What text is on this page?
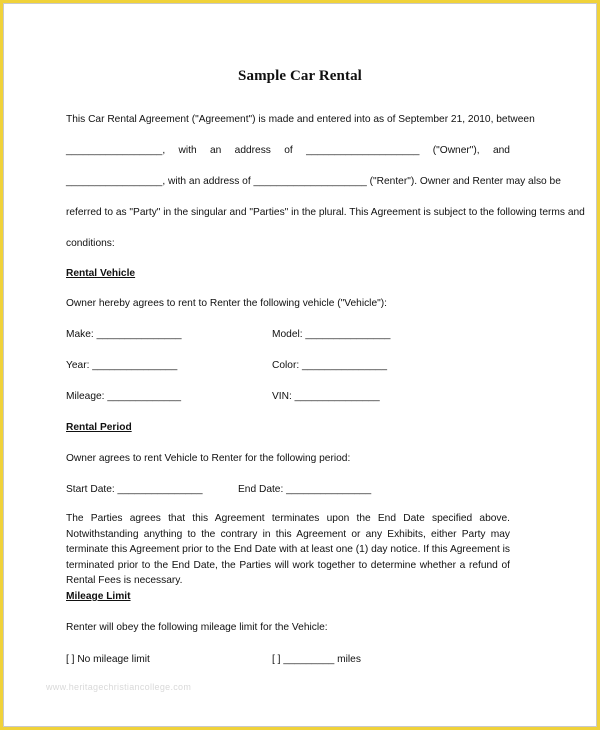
Sample Car Rental
This Car Rental Agreement ("Agreement") is made and entered into as of September 21, 2010, between
_________________, with an address of ____________________ ("Owner"), and
_________________, with an address of ____________________ ("Renter"). Owner and Renter may also be
referred to as "Party" in the singular and "Parties" in the plural. This Agreement is subject to the following terms and
conditions:
Rental Vehicle
Owner hereby agrees to rent to Renter the following vehicle ("Vehicle"):
Make: _______________	Model: _______________
Year: _______________	Color: _______________
Mileage: _____________	VIN: _______________
Rental Period
Owner agrees to rent Vehicle to Renter for the following period:
Start Date: _______________	End Date: _______________
The Parties agrees that this Agreement terminates upon the End Date specified above. Notwithstanding anything to the contrary in this Agreement or any Exhibits, either Party may terminate this Agreement prior to the End Date with at least one (1) day notice. If this Agreement is terminated prior to the End Date, the Parties will work together to determine whether a refund of Rental Fees is necessary.
Mileage Limit
Renter will obey the following mileage limit for the Vehicle:
[ ] No mileage limit	[ ] _________ miles
www.heritagechristiancollege.com
